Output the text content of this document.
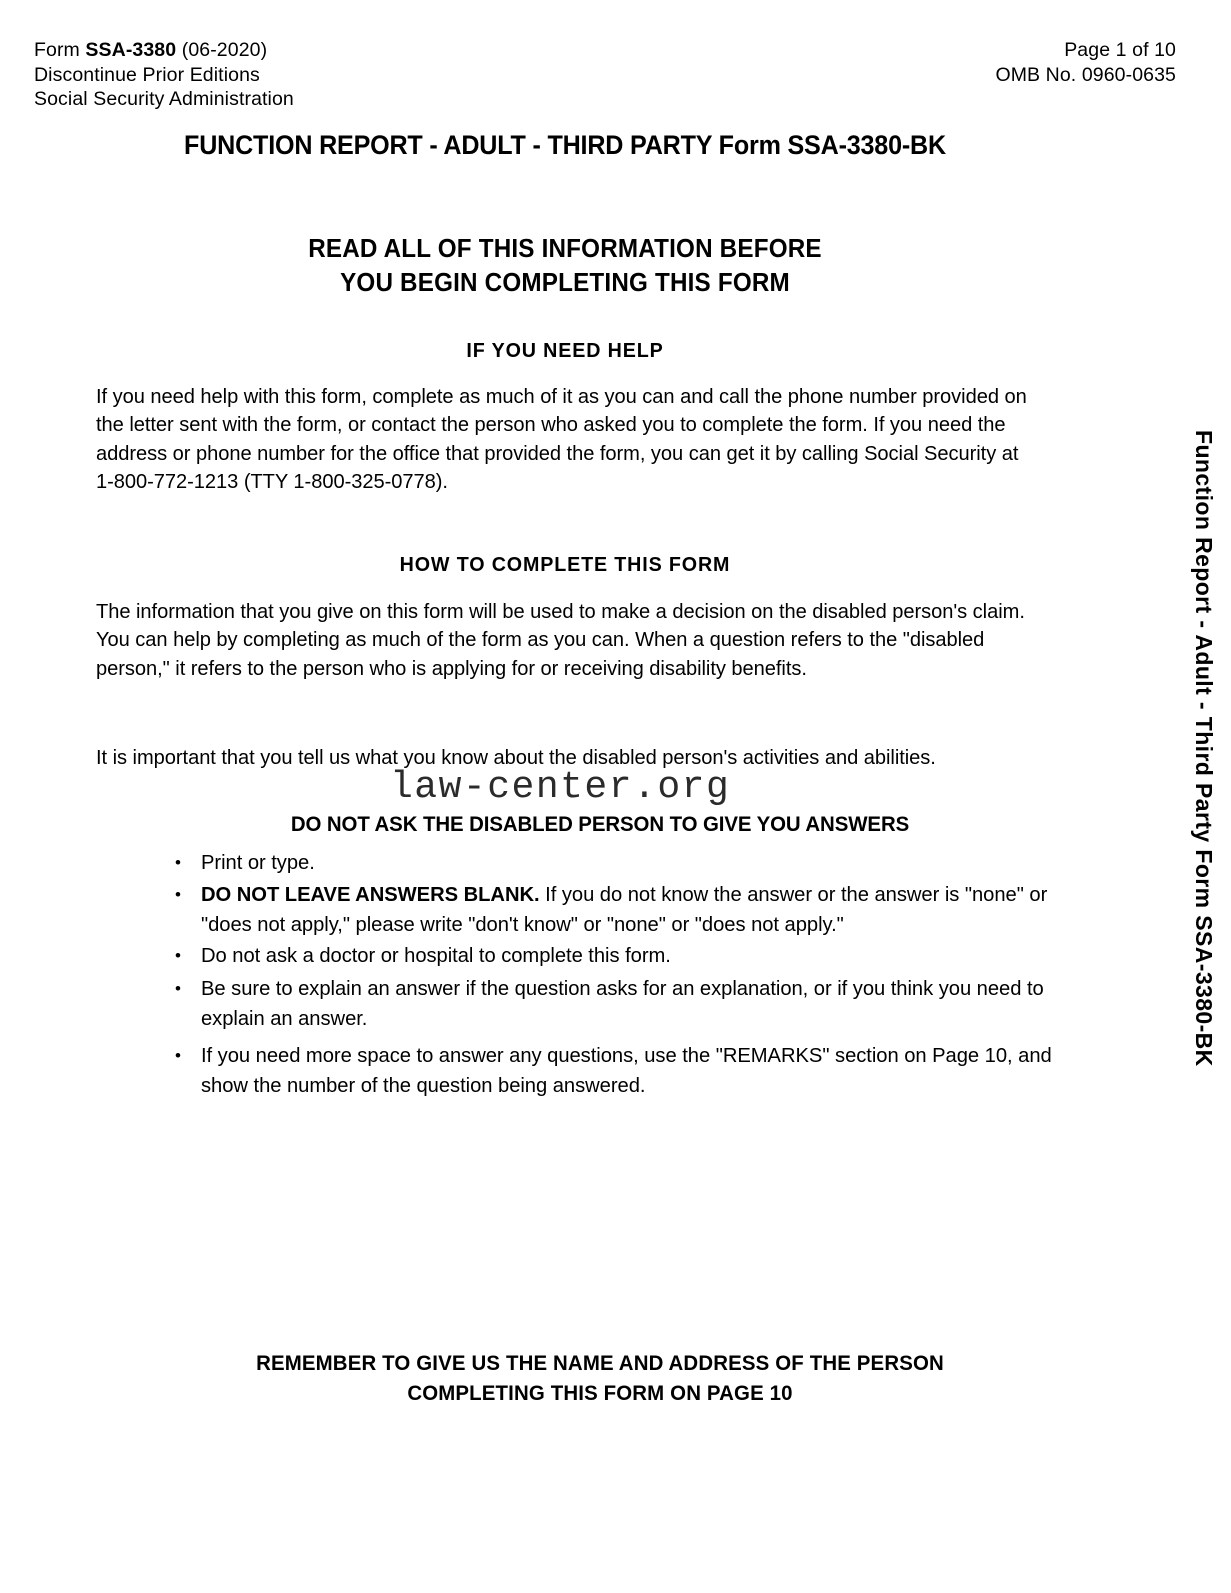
Form SSA-3380 (06-2020)
Discontinue Prior Editions
Social Security Administration
Page 1 of 10
OMB No. 0960-0635
FUNCTION REPORT - ADULT - THIRD PARTY Form SSA-3380-BK
READ ALL OF THIS INFORMATION BEFORE
YOU BEGIN COMPLETING THIS FORM
IF YOU NEED HELP
If you need help with this form, complete as much of it as you can and call the phone number provided on the letter sent with the form, or contact the person who asked you to complete the form. If you need the address or phone number for the office that provided the form, you can get it by calling Social Security at 1-800-772-1213 (TTY 1-800-325-0778).
HOW TO COMPLETE THIS FORM
The information that you give on this form will be used to make a decision on the disabled person's claim. You can help by completing as much of the form as you can. When a question refers to the "disabled person," it refers to the person who is applying for or receiving disability benefits.
It is important that you tell us what you know about the disabled person's activities and abilities.
law-center.org
DO NOT ASK THE DISABLED PERSON TO GIVE YOU ANSWERS
• Print or type.
• DO NOT LEAVE ANSWERS BLANK. If you do not know the answer or the answer is "none" or "does not apply," please write "don't know" or "none" or "does not apply."
• Do not ask a doctor or hospital to complete this form.
• Be sure to explain an answer if the question asks for an explanation, or if you think you need to explain an answer.
• If you need more space to answer any questions, use the "REMARKS" section on Page 10, and show the number of the question being answered.
REMEMBER TO GIVE US THE NAME AND ADDRESS OF THE PERSON
COMPLETING THIS FORM ON PAGE 10
Function Report - Adult - Third Party Form SSA-3380-BK
